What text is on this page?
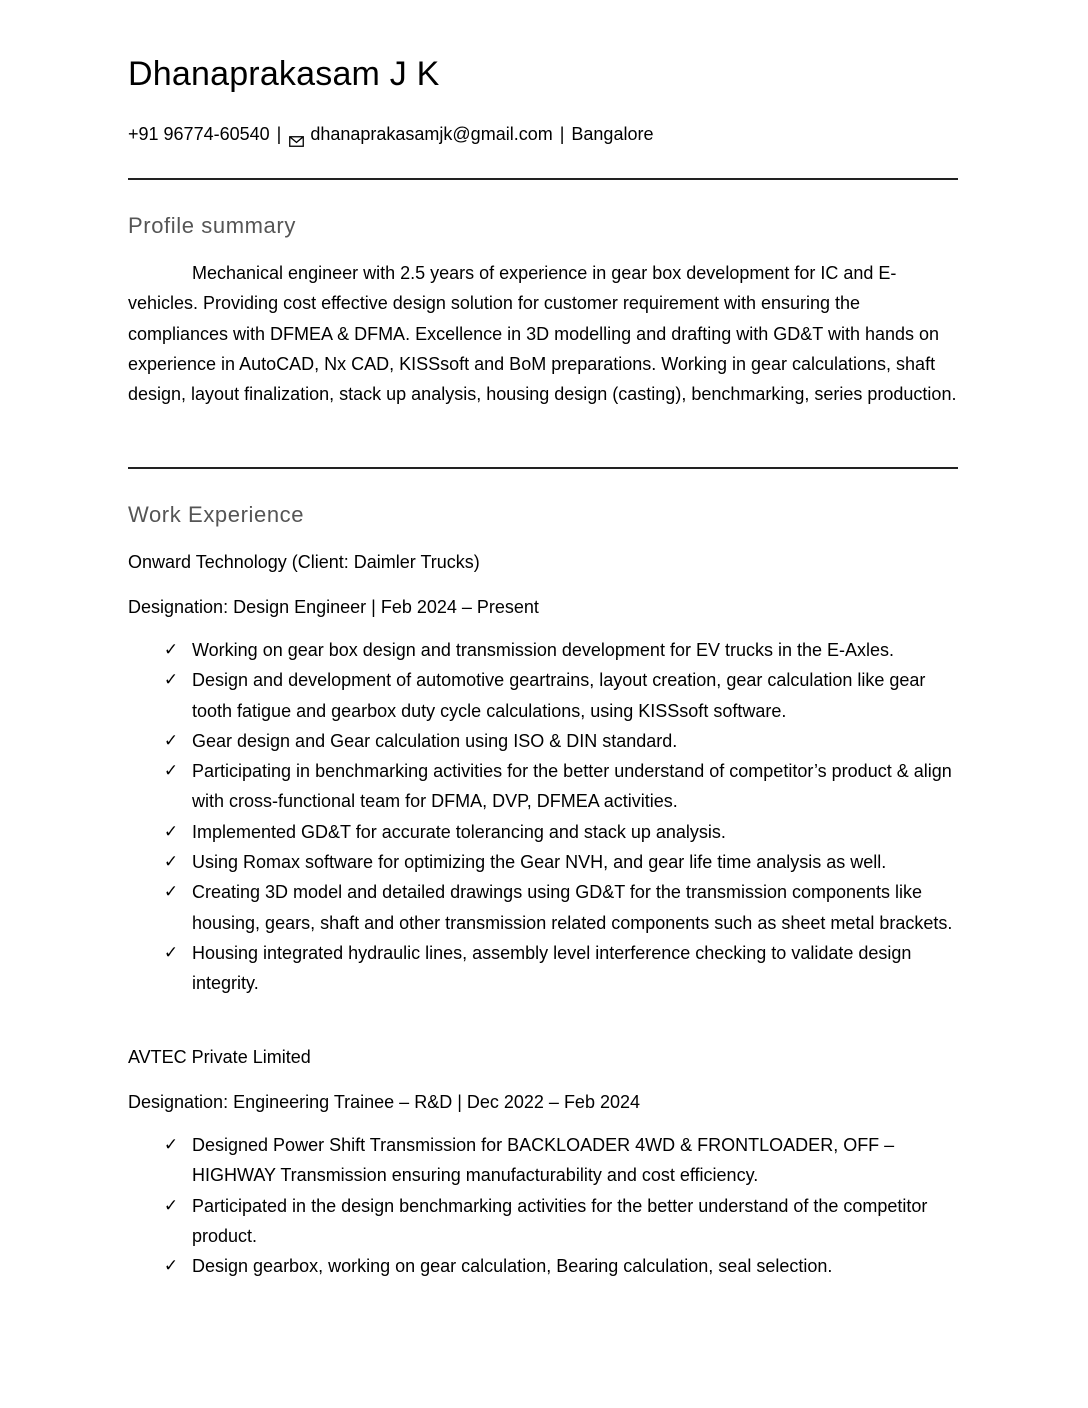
Dhanaprakasam J K
+91 96774-60540 | dhanaprakasamjk@gmail.com | Bangalore
Profile summary

Mechanical engineer with 2.5 years of experience in gear box development for IC and E-vehicles. Providing cost effective design solution for customer requirement with ensuring the compliances with DFMEA & DFMA. Excellence in 3D modelling and drafting with GD&T with hands on experience in AutoCAD, Nx CAD, KISSsoft and BoM preparations. Working in gear calculations, shaft design, layout finalization, stack up analysis, housing design (casting), benchmarking, series production.

Work Experience
Onward Technology (Client: Daimler Trucks)
Designation: Design Engineer | Feb 2024 – Present
✓ Working on gear box design and transmission development for EV trucks in the E-Axles.
✓ Design and development of automotive geartrains, layout creation, gear calculation like gear tooth fatigue and gearbox duty cycle calculations, using KISSsoft software.
✓ Gear design and Gear calculation using ISO & DIN standard.
✓ Participating in benchmarking activities for the better understand of competitor’s product & align with cross-functional team for DFMA, DVP, DFMEA activities.
✓ Implemented GD&T for accurate tolerancing and stack up analysis.
✓ Using Romax software for optimizing the Gear NVH, and gear life time analysis as well.
✓ Creating 3D model and detailed drawings using GD&T for the transmission components like housing, gears, shaft and other transmission related components such as sheet metal brackets.
✓ Housing integrated hydraulic lines, assembly level interference checking to validate design integrity.
AVTEC Private Limited
Designation: Engineering Trainee – R&D | Dec 2022 – Feb 2024
✓ Designed Power Shift Transmission for BACKLOADER 4WD & FRONTLOADER, OFF – HIGHWAY Transmission ensuring manufacturability and cost efficiency.
✓ Participated in the design benchmarking activities for the better understand of the competitor product.
✓ Design gearbox, working on gear calculation, Bearing calculation, seal selection.
